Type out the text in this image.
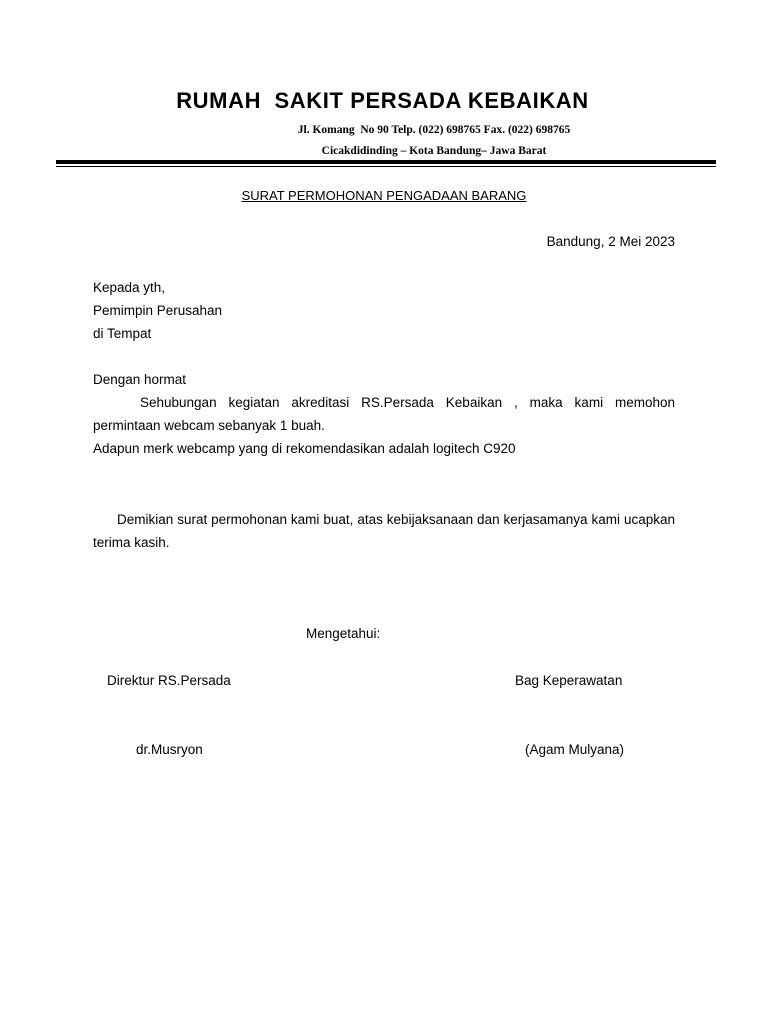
RUMAH  SAKIT PERSADA KEBAIKAN
Jl. Komang  No 90 Telp. (022) 698765 Fax. (022) 698765
Cicakdidinding – Kota Bandung– Jawa Barat
SURAT PERMOHONAN PENGADAAN BARANG
Bandung, 2 Mei 2023
Kepada yth,
Pemimpin Perusahan
di Tempat
Dengan hormat
Sehubungan kegiatan akreditasi RS.Persada Kebaikan , maka kami memohon permintaan webcam sebanyak 1 buah.
Adapun merk webcamp yang di rekomendasikan adalah logitech C920
Demikian surat permohonan kami buat, atas kebijaksanaan dan kerjasamanya kami ucapkan terima kasih.
Mengetahui:
Direktur RS.Persada	Bag Keperawatan
dr.Musryon	(Agam Mulyana)
